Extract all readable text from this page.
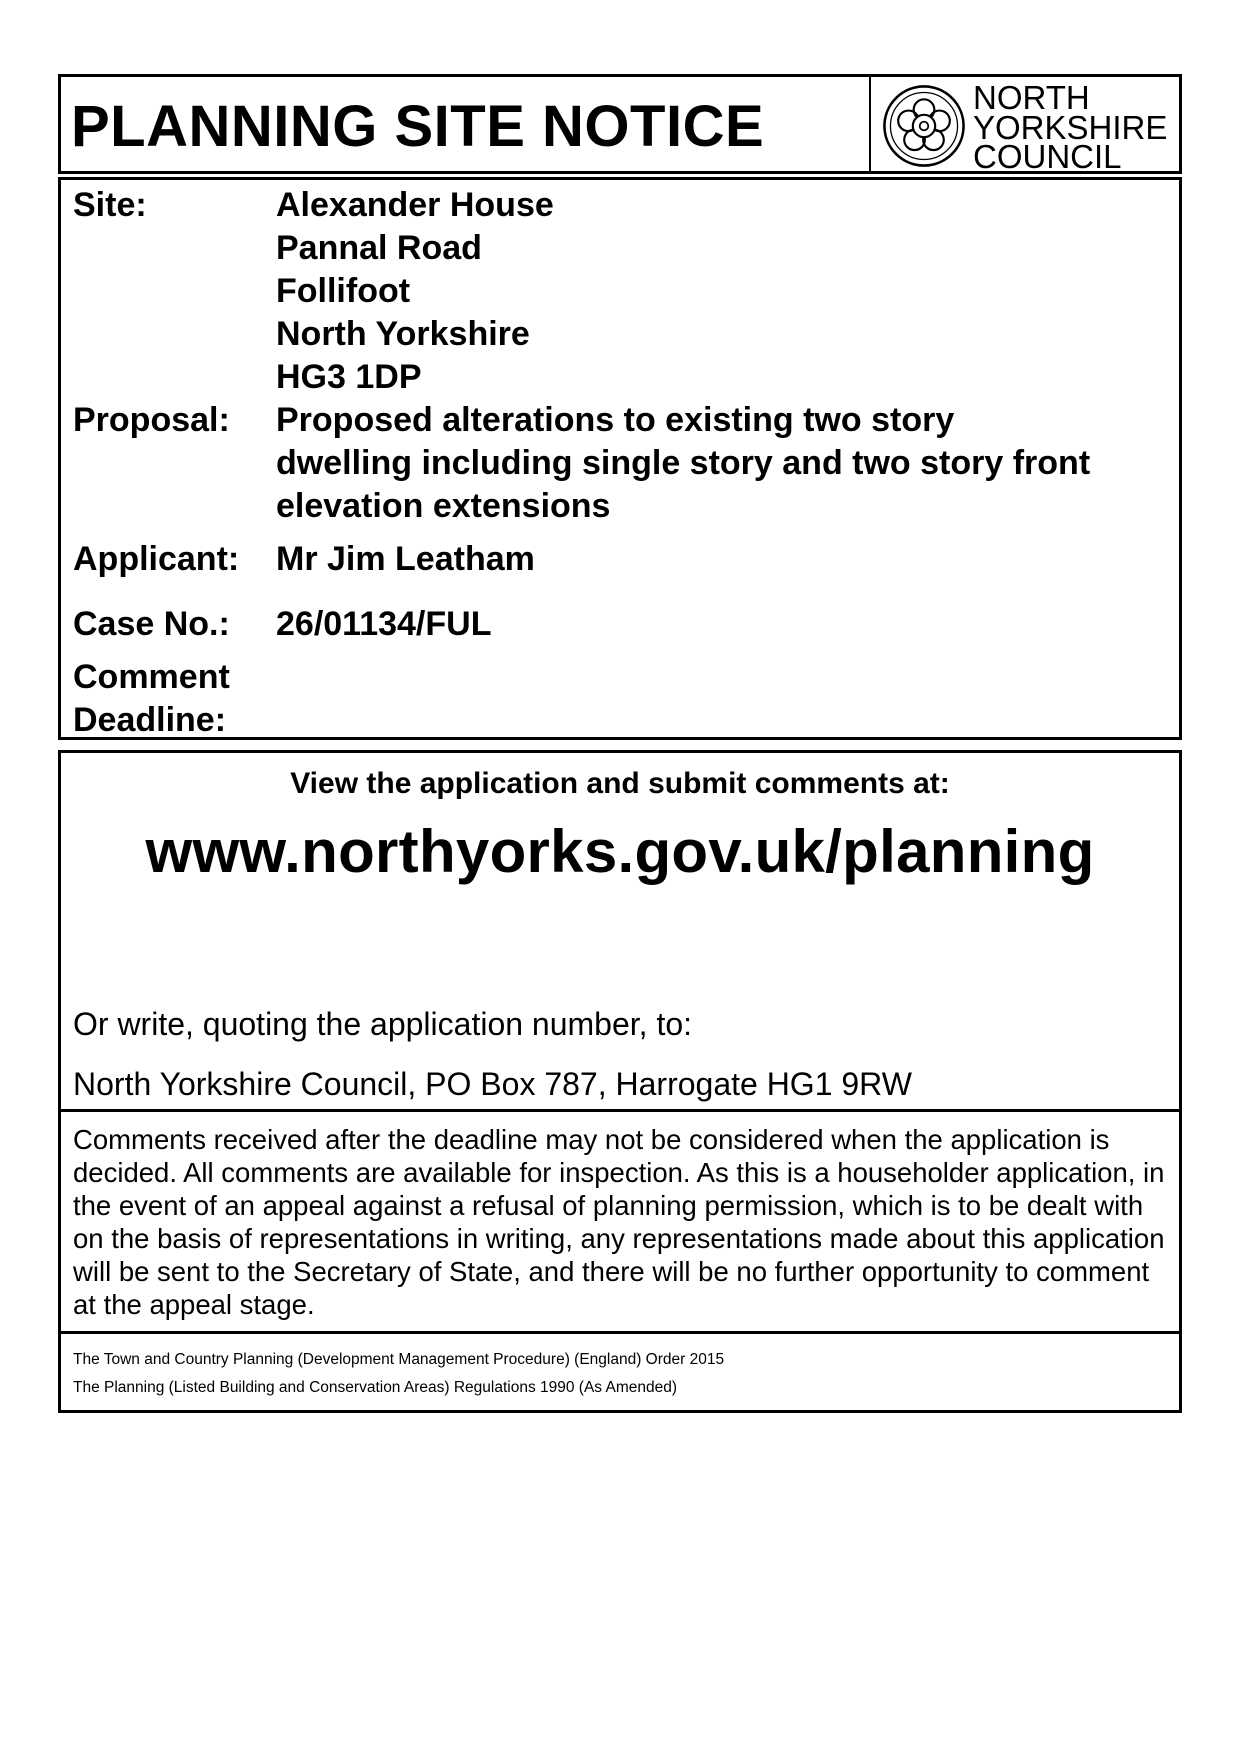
PLANNING SITE NOTICE	NORTH
YORKSHIRE
COUNCIL
Site:	Alexander House
Pannal Road
Follifoot
North Yorkshire
HG3 1DP
Proposal: Proposed alterations to existing two story
dwelling including single story and two story front
elevation extensions
Applicant: Mr Jim Leatham
Case No.: 26/01134/FUL
Comment
Deadline:
View the application and submit comments at:
www.northyorks.gov.uk/planning
Or write, quoting the application number, to:
North Yorkshire Council, PO Box 787, Harrogate HG1 9RW
Comments received after the deadline may not be considered when the application is decided. All comments are available for inspection. As this is a householder application, in the event of an appeal against a refusal of planning permission, which is to be dealt with on the basis of representations in writing, any representations made about this application will be sent to the Secretary of State, and there will be no further opportunity to comment at the appeal stage.
The Town and Country Planning (Development Management Procedure) (England) Order 2015
The Planning (Listed Building and Conservation Areas) Regulations 1990 (As Amended)
